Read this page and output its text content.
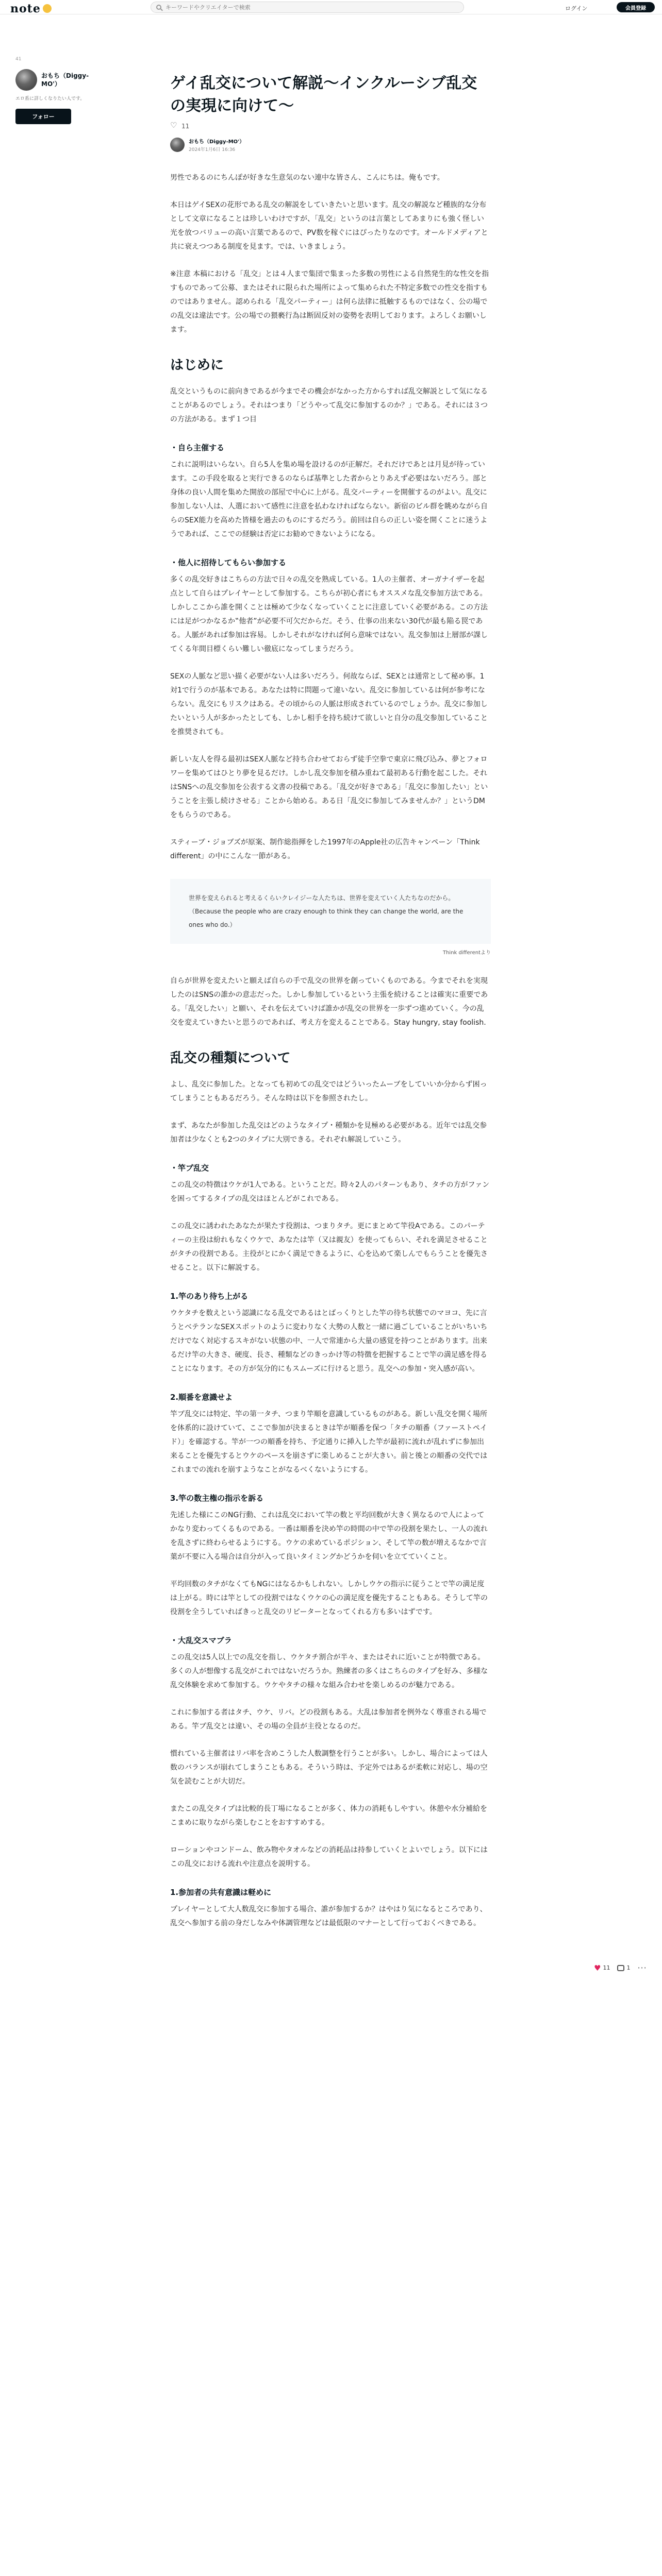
note
キーワードやクリエイターで検索	ログイン	会員登録
41
おもち（Diggy-MO'）
エロ系に詳しくなりたい人です。
フォロー
ゲイ乱交について解説〜インクルーシブ乱交の実現に向けて〜
♡
11
おもち（Diggy-MO'）
2024年1月6日 16:36

男性であるのにちんぽが好きな生意気のない連中な皆さん、こんにちは。俺もです。

本日はゲイSEXの花形である乱交の解説をしていきたいと思います。乱交の解説など種族的な分布として文章になることは珍しいわけですが、「乱交」というのは言葉としてあまりにも強く怪しい光を放つバリューの高い言葉であるので、PV数を稼ぐにはぴったりなのです。オールドメディアと共に衰えつつある制度を見ます。では、いきましょう。

※注意 本稿における「乱交」とは４人まで集団で集まった多数の男性による自然発生的な性交を指すものであって公募、またはそれに限られた場所によって集められた不特定多数での性交を指すものではありません。認められる「乱交パーティー」は何ら法律に抵触するものではなく、公の場での乱交は違法です。公の場での猥褻行為は断固反対の姿勢を表明しております。よろしくお願いします。

はじめに

乱交というものに前向きであるが今までその機会がなかった方からすれば乱交解説として気になることがあるのでしょう。それはつまり「どうやって乱交に参加するのか？」である。それには３つの方法がある。まず１つ目

・自ら主催する

これに説明はいらない。自ら5人を集め場を設けるのが正解だ。それだけであとは月見が待っています。この手段を取ると実行できるのならば基準とした者からとりあえず必要はないだろう。部と身体の良い人間を集めた開放の部屋で中心に上がる。乱交パーティーを開催するのがよい。乱交に参加しない人は、人選において感性に注意を払わなければならない。新宿のビル群を眺めながら自らのSEX能力を高めた皆様を過去のものにするだろう。前回は自らの正しい姿を開くことに迷うようであれば、ここでの経験は否定にお勧めできないようになる。

・他人に招待してもらい参加する

多くの乱交好きはこちらの方法で日々の乱交を熟成している。1人の主催者、オーガナイザーを起点として自らはプレイヤーとして参加する。こちらが初心者にもオススメな乱交参加方法である。しかしここから誰を開くことは極めて少なくなっていくことに注意していく必要がある。この方法には足がつかなるか‟他者”が必要不可欠だからだ。そう、仕事の出来ない30代が最も陥る罠である。人脈があれば参加は容易。しかしそれがなければ何ら意味ではない。乱交参加は上層部が課してくる年間目標くらい難しい徹底になってしまうだろう。

SEXの人脈など思い描く必要がない人は多いだろう。何故ならば、SEXとは通常として秘め事。1対1で行うのが基本である。あなたは特に問題って違いない。乱交に参加しているは何が参考にならない。乱交にもリスクはある。その頃からの人脈は形成されているのでしょうか。乱交に参加したいという人が多かったとしても、しかし相手を持ち続けて欲しいと自分の乱交参加していることを推奨されても。

新しい友人を得る最初はSEX人脈など持ち合わせておらず徒手空拳で東京に飛び込み、夢とフォロワーを集めてはひとり夢を見るだけ。しかし乱交参加を積み重ねて最初ある行動を起こした。それはSNSへの乱交参加を公表する文書の投稿である。「乱交が好きである」「乱交に参加したい」ということを主張し続けさせる」ことから始める。ある日「乱交に参加してみませんか？」というDMをもらうのである。

スティーブ・ジョブズが原案、制作総指揮をした1997年のApple社の広告キャンペーン「Think different」の中にこんな一節がある。

世界を変えられると考えるくらいクレイジーな人たちは、世界を変えていく人たちなのだから。
（Because the people who are crazy enough to think they can change the world, are the ones who do.）
Think differentより

自らが世界を変えたいと願えば自らの手で乱交の世界を創っていくものである。今までそれを実現したのはSNSの誰かの意志だった。しかし参加しているという主張を続けることは確実に重要である。「乱交したい」と願い、それを伝えていけば誰かが乱交の世界を一歩ずつ進めていく。今の乱交を変えていきたいと思うのであれば、考え方を変えることである。Stay hungry, stay foolish.

乱交の種類について

よし、乱交に参加した。となっても初めての乱交ではどういったムーブをしていいか分からず困ってしまうこともあるだろう。そんな時は以下を参照されたし。

まず、あなたが参加した乱交はどのようなタイプ・種類かを見極める必要がある。近年では乱交参加者は少なくとも2つのタイプに大別できる。それぞれ解説していこう。

・竿ブ乱交

この乱交の特徴はウケが1人である。ということだ。時々2人のパターンもあり、タチの方がファンを困ってするタイプの乱交はほとんどがこれである。

この乱交に誘われたあなたが果たす役割は、つまりタチ。更にまとめて竿役Aである。このパーティーの主役は紛れもなくウケで、あなたは竿（又は親友）を使ってもらい、それを満足させることがタチの役割である。主役がとにかく満足できるように、心を込めて楽しんでもらうことを優先させること。以下に解説する。

1.竿のあり待ち上がる

ウケタチを数えという認識になる乱交であるはとばっくりとした竿の待ち状態でのマヨコ、先に言うとベテランなSEXスポットのように変わりなく大勢の人数と一緒に過ごしていることがいちいちだけでなく対応するスキがない状態の中、一人で常連から大量の感覚を持つことがあります。出来るだけ竿の大きさ、硬度、長さ、種類などのきっかけ等の特徴を把握することで竿の満足感を得ることになります。その方が気分的にもスムーズに行けると思う。乱交への参加・突入感が高い。

2.順番を意識せよ

竿ブ乱交には特定、竿の第一タチ、つまり竿順を意識しているものがある。新しい乱交を開く場所を体系的に設けていて、ここで参加が決まるときは竿が順番を保つ「タチの順番（ファーストペイド）」を確認する。竿が一つの順番を持ち、予定通りに挿入した竿が最初に流れが乱れずに参加出来ることを優先するとウケのペースを崩さずに楽しめることが大きい。前と後との順番の交代ではこれまでの流れを崩すようなことがなるべくないようにする。

3.竿の数主権の指示を訴る

先述した様にこのNG行動、これは乱交において竿の数と平均回数が大きく異なるので人によってかなり変わってくるものである。一番は順番を決め竿の時間の中で竿の役割を果たし、一人の流れを乱さずに終わらせるようにする。ウケの求めているポジション、そして竿の数が増えるなかで言葉が不要に入る場合は自分が入って良いタイミングかどうかを伺いを立てていくこと。

平均回数のタチがなくてもNGにはなるかもしれない。しかしウケの指示に従うことで竿の満足度は上がる。時には竿としての役割ではなくウケの心の満足度を優先することもある。そうして竿の役割を全うしていればきっと乱交のリピーターとなってくれる方も多いはずです。

・大乱交スマブラ

この乱交は5人以上での乱交を指し、ウケタチ割合が半々、またはそれに近いことが特徴である。多くの人が想像する乱交がこれではないだろうか。熟練者の多くはこちらのタイプを好み、多様な乱交体験を求めて参加する。ウケやタチの様々な組み合わせを楽しめるのが魅力である。

これに参加する者はタチ、ウケ、リバ。どの役割もある。大乱は参加者を例外なく尊重される場である。竿ブ乱交とは違い、その場の全員が主役となるのだ。

慣れている主催者はリバ率を含めこうした人数調整を行うことが多い。しかし、場合によっては人数のバランスが崩れてしまうこともある。そういう時は、予定外ではあるが柔軟に対応し、場の空気を読むことが大切だ。

またこの乱交タイプは比較的長丁場になることが多く、体力の消耗もしやすい。休憩や水分補給をこまめに取りながら楽しむことをおすすめする。

ローションやコンドーム、飲み物やタオルなどの消耗品は持参していくとよいでしょう。以下にはこの乱交における流れや注意点を説明する。

1.参加者の共有意識は軽めに

プレイヤーとして大人数乱交に参加する場合、誰が参加するか？はやはり気になるところであり、乱交へ参加する前の身だしなみや体調管理などは最低限のマナーとして行っておくべきである。

♥ 11	1 ···
